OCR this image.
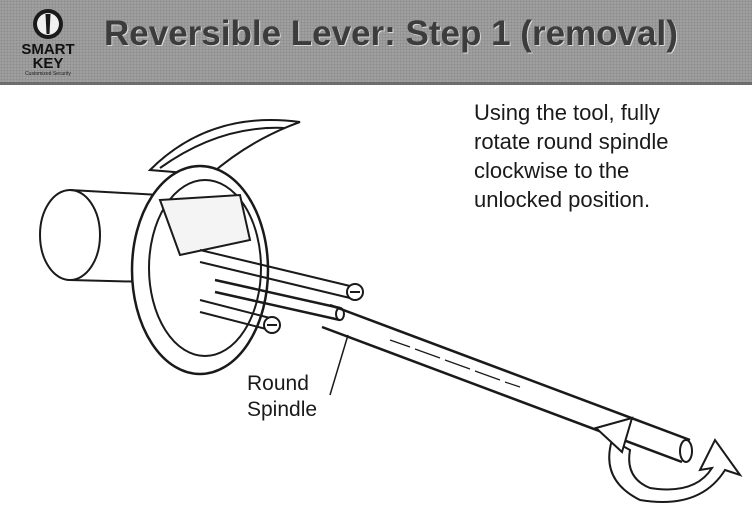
SMART
KEY
Customized Security
Reversible Lever: Step 1 (removal)
Using the tool, fully
rotate round spindle
clockwise to the
unlocked position.
Round
Spindle
